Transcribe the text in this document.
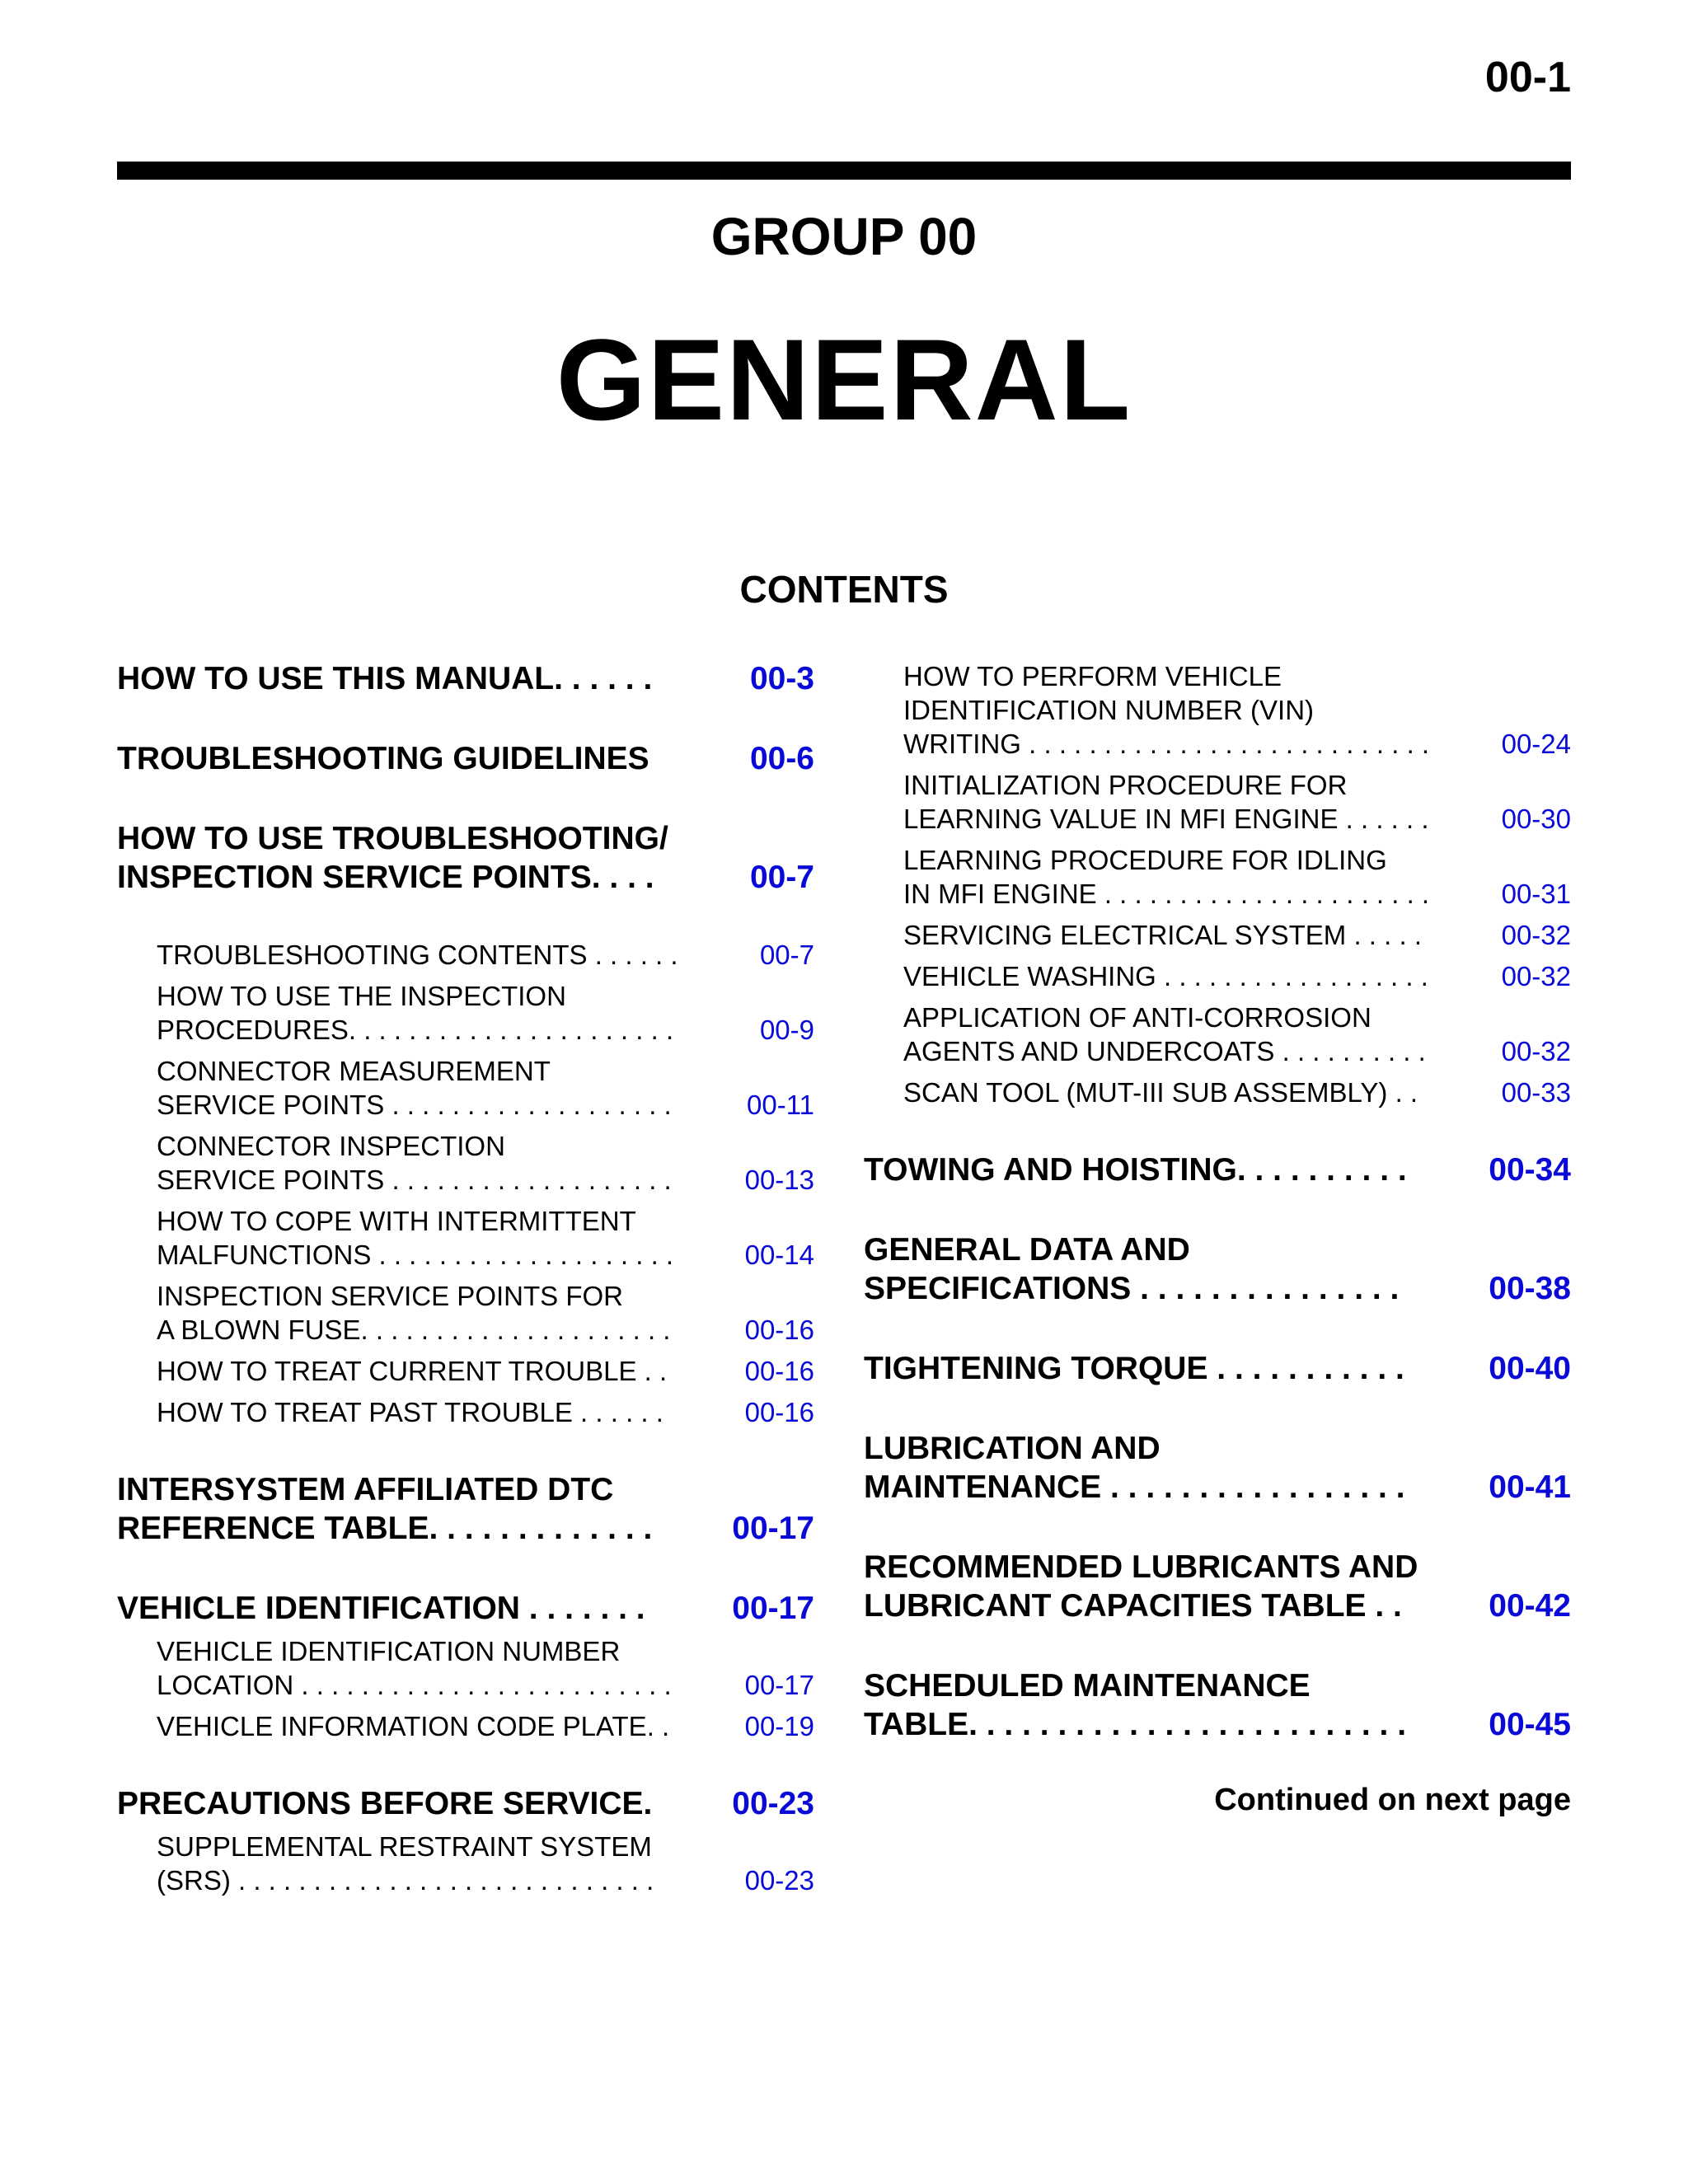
00-1
GROUP 00
GENERAL
CONTENTS
HOW TO USE THIS MANUAL. . . . . .	00-3
TROUBLESHOOTING GUIDELINES	00-6
HOW TO USE TROUBLESHOOTING/
INSPECTION SERVICE POINTS. . . .	00-7
TROUBLESHOOTING CONTENTS . . . . . .	00-7
HOW TO USE THE INSPECTION
PROCEDURES. . . . . . . . . . . . . . . . . . . . . .	00-9
CONNECTOR MEASUREMENT
SERVICE POINTS . . . . . . . . . . . . . . . . . . .	00-11
CONNECTOR INSPECTION
SERVICE POINTS . . . . . . . . . . . . . . . . . . .	00-13
HOW TO COPE WITH INTERMITTENT
MALFUNCTIONS . . . . . . . . . . . . . . . . . . . .	00-14
INSPECTION SERVICE POINTS FOR
A BLOWN FUSE. . . . . . . . . . . . . . . . . . . . .	00-16
HOW TO TREAT CURRENT TROUBLE . .	00-16
HOW TO TREAT PAST TROUBLE . . . . . .	00-16
INTERSYSTEM AFFILIATED DTC
REFERENCE TABLE. . . . . . . . . . . . .	00-17
VEHICLE IDENTIFICATION . . . . . . .	00-17
VEHICLE IDENTIFICATION NUMBER
LOCATION . . . . . . . . . . . . . . . . . . . . . . . . .	00-17
VEHICLE INFORMATION CODE PLATE. .	00-19
PRECAUTIONS BEFORE SERVICE.	00-23
SUPPLEMENTAL RESTRAINT SYSTEM
(SRS) . . . . . . . . . . . . . . . . . . . . . . . . . . . .	00-23
HOW TO PERFORM VEHICLE
IDENTIFICATION NUMBER (VIN)
WRITING . . . . . . . . . . . . . . . . . . . . . . . . . . .	00-24
INITIALIZATION PROCEDURE FOR
LEARNING VALUE IN MFI ENGINE . . . . . .	00-30
LEARNING PROCEDURE FOR IDLING
IN MFI ENGINE . . . . . . . . . . . . . . . . . . . . . .	00-31
SERVICING ELECTRICAL SYSTEM . . . . .	00-32
VEHICLE WASHING . . . . . . . . . . . . . . . . . .	00-32
APPLICATION OF ANTI-CORROSION
AGENTS AND UNDERCOATS . . . . . . . . . .	00-32
SCAN TOOL (MUT-III SUB ASSEMBLY) . .	00-33
TOWING AND HOISTING. . . . . . . . . .	00-34
GENERAL DATA AND
SPECIFICATIONS . . . . . . . . . . . . . . .	00-38
TIGHTENING TORQUE . . . . . . . . . . .	00-40
LUBRICATION AND
MAINTENANCE . . . . . . . . . . . . . . . . .	00-41
RECOMMENDED LUBRICANTS AND
LUBRICANT CAPACITIES TABLE . .	00-42
SCHEDULED MAINTENANCE
TABLE. . . . . . . . . . . . . . . . . . . . . . . . .	00-45
Continued on next page
